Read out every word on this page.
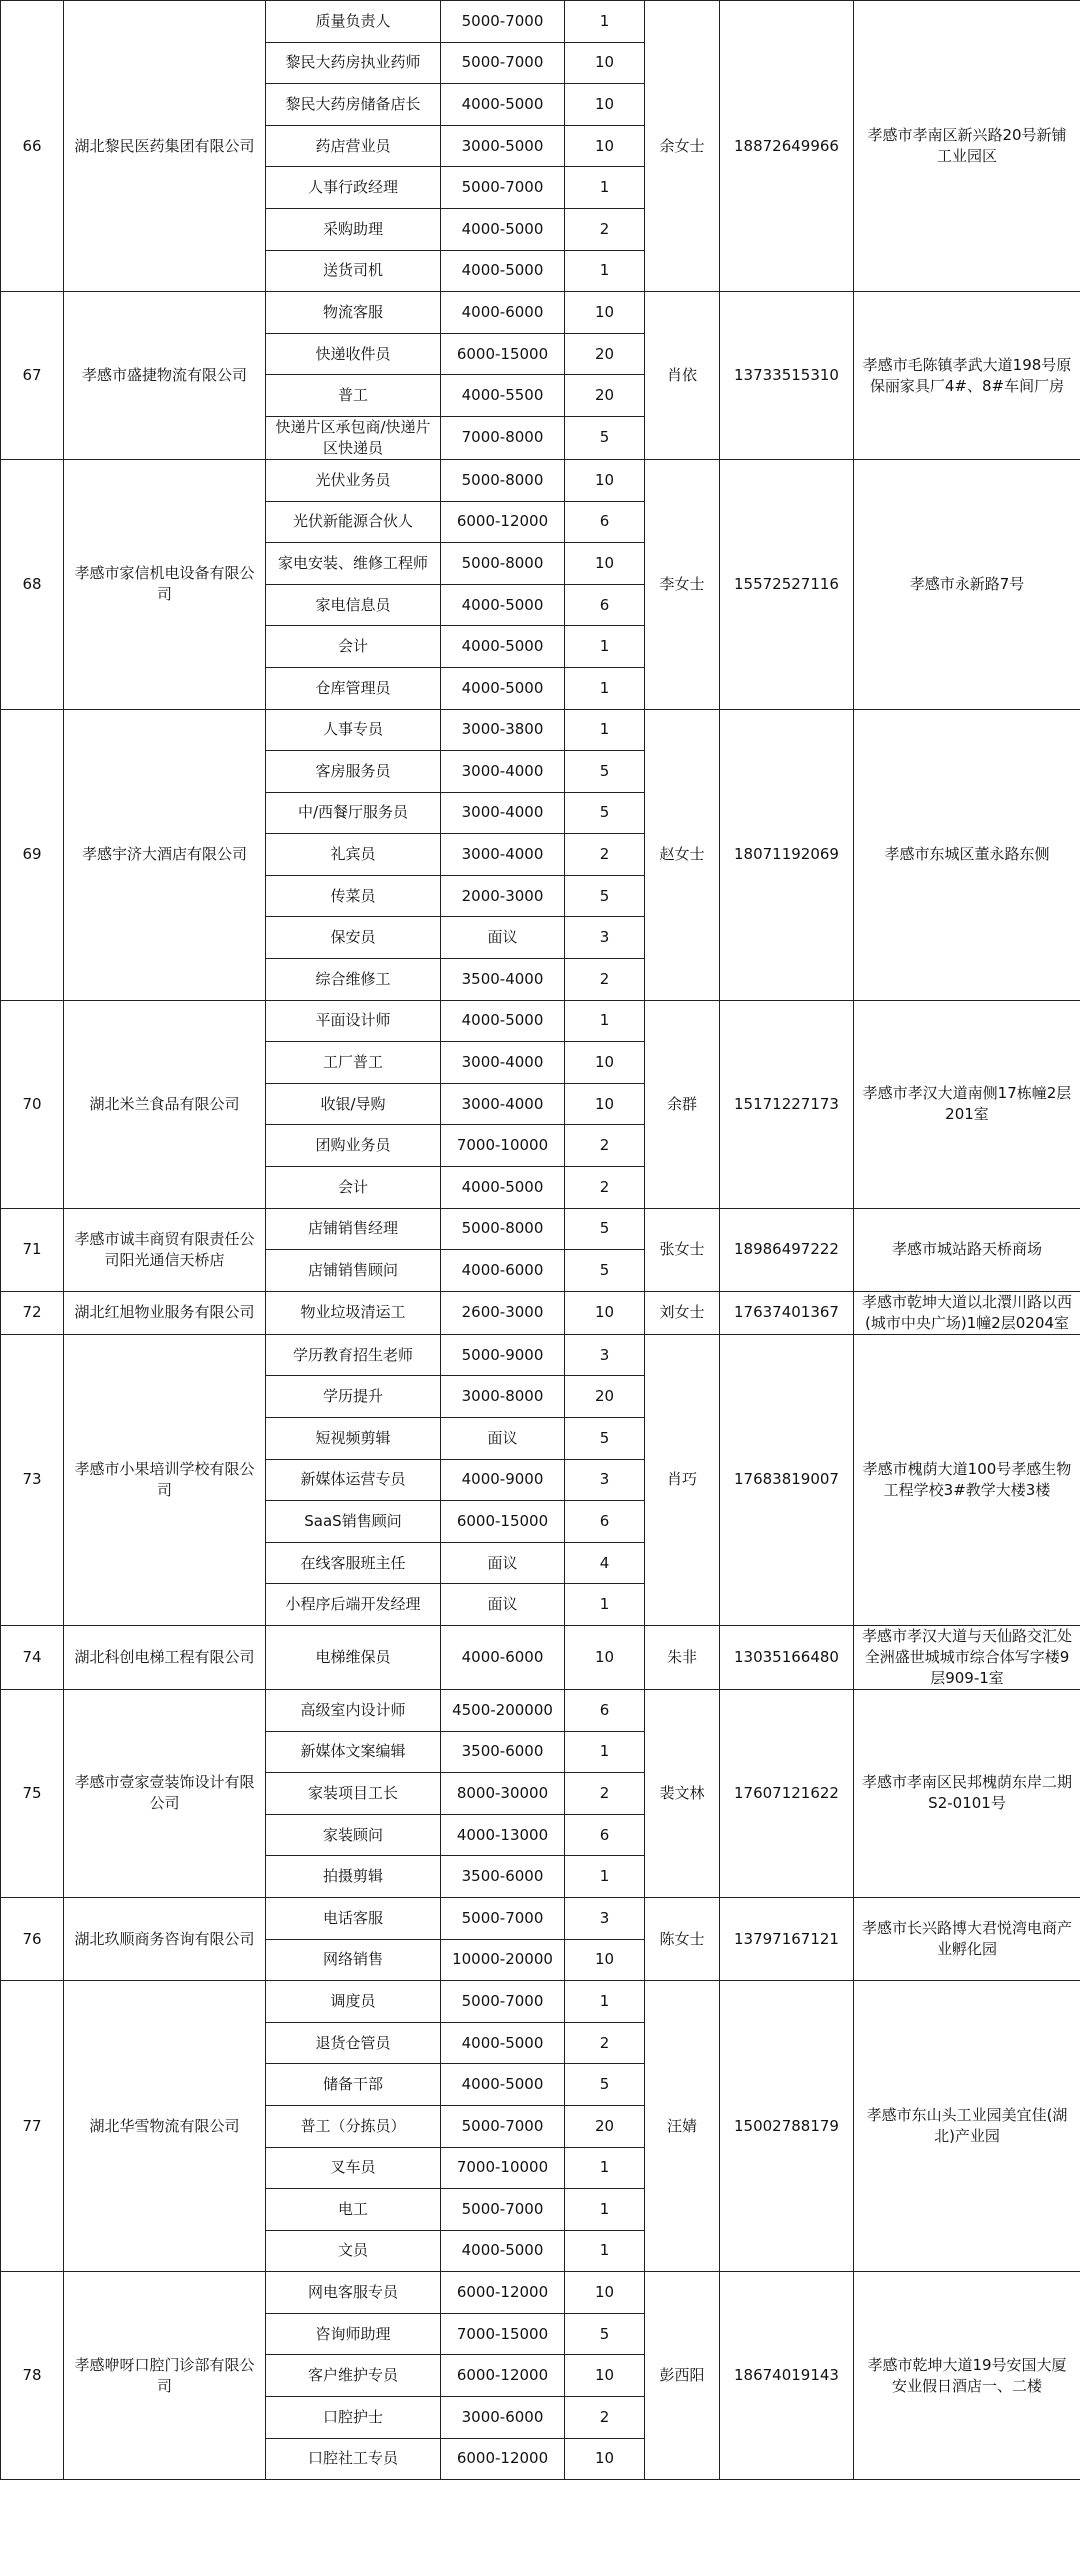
66	湖北黎民医药集团有限公司	质量负责人	5000-7000	1	余女士	18872649966	孝感市孝南区新兴路20号新铺工业园区
		黎民大药房执业药师	5000-7000	10			
		黎民大药房储备店长	4000-5000	10			
		药店营业员	3000-5000	10			
		人事行政经理	5000-7000	1			
		采购助理	4000-5000	2			
		送货司机	4000-5000	1			
67	孝感市盛捷物流有限公司	物流客服	4000-6000	10	肖依	13733515310	孝感市毛陈镇孝武大道198号原保丽家具厂4#、8#车间厂房
		快递收件员	6000-15000	20			
		普工	4000-5500	20			
		快递片区承包商/快递片区快递员	7000-8000	5			
68	孝感市家信机电设备有限公司	光伏业务员	5000-8000	10	李女士	15572527116	孝感市永新路7号
		光伏新能源合伙人	6000-12000	6			
		家电安装、维修工程师	5000-8000	10			
		家电信息员	4000-5000	6			
		会计	4000-5000	1			
		仓库管理员	4000-5000	1			
69	孝感宇济大酒店有限公司	人事专员	3000-3800	1	赵女士	18071192069	孝感市东城区董永路东侧
		客房服务员	3000-4000	5			
		中/西餐厅服务员	3000-4000	5			
		礼宾员	3000-4000	2			
		传菜员	2000-3000	5			
		保安员	面议	3			
		综合维修工	3500-4000	2			
70	湖北米兰食品有限公司	平面设计师	4000-5000	1	余群	15171227173	孝感市孝汉大道南侧17栋幢2层201室
		工厂普工	3000-4000	10			
		收银/导购	3000-4000	10			
		团购业务员	7000-10000	2			
		会计	4000-5000	2			
71	孝感市诚丰商贸有限责任公司阳光通信天桥店	店铺销售经理	5000-8000	5	张女士	18986497222	孝感市城站路天桥商场
		店铺销售顾问	4000-6000	5			
72	湖北红旭物业服务有限公司	物业垃圾清运工	2600-3000	10	刘女士	17637401367	孝感市乾坤大道以北澴川路以西(城市中央广场)1幢2层0204室
73	孝感市小果培训学校有限公司	学历教育招生老师	5000-9000	3	肖巧	17683819007	孝感市槐荫大道100号孝感生物工程学校3#教学大楼3楼
		学历提升	3000-8000	20			
		短视频剪辑	面议	5			
		新媒体运营专员	4000-9000	3			
		SaaS销售顾问	6000-15000	6			
		在线客服班主任	面议	4			
		小程序后端开发经理	面议	1			
74	湖北科创电梯工程有限公司	电梯维保员	4000-6000	10	朱非	13035166480	孝感市孝汉大道与天仙路交汇处全洲盛世城城市综合体写字楼9层909-1室
75	孝感市壹家壹装饰设计有限公司	高级室内设计师	4500-200000	6	裴文林	17607121622	孝感市孝南区民邦槐荫东岸二期S2-0101号
		新媒体文案编辑	3500-6000	1			
		家装项目工长	8000-30000	2			
		家装顾问	4000-13000	6			
		拍摄剪辑	3500-6000	1			
76	湖北玖顺商务咨询有限公司	电话客服	5000-7000	3	陈女士	13797167121	孝感市长兴路博大君悦湾电商产业孵化园
		网络销售	10000-20000	10			
77	湖北华雪物流有限公司	调度员	5000-7000	1	汪婧	15002788179	孝感市东山头工业园美宜佳(湖北)产业园
		退货仓管员	4000-5000	2			
		储备干部	4000-5000	5			
		普工（分拣员）	5000-7000	20			
		叉车员	7000-10000	1			
		电工	5000-7000	1			
		文员	4000-5000	1			
78	孝感咿呀口腔门诊部有限公司	网电客服专员	6000-12000	10	彭西阳	18674019143	孝感市乾坤大道19号安国大厦安业假日酒店一、二楼
		咨询师助理	7000-15000	5			
		客户维护专员	6000-12000	10			
		口腔护士	3000-6000	2			
		口腔社工专员	6000-12000	10			
